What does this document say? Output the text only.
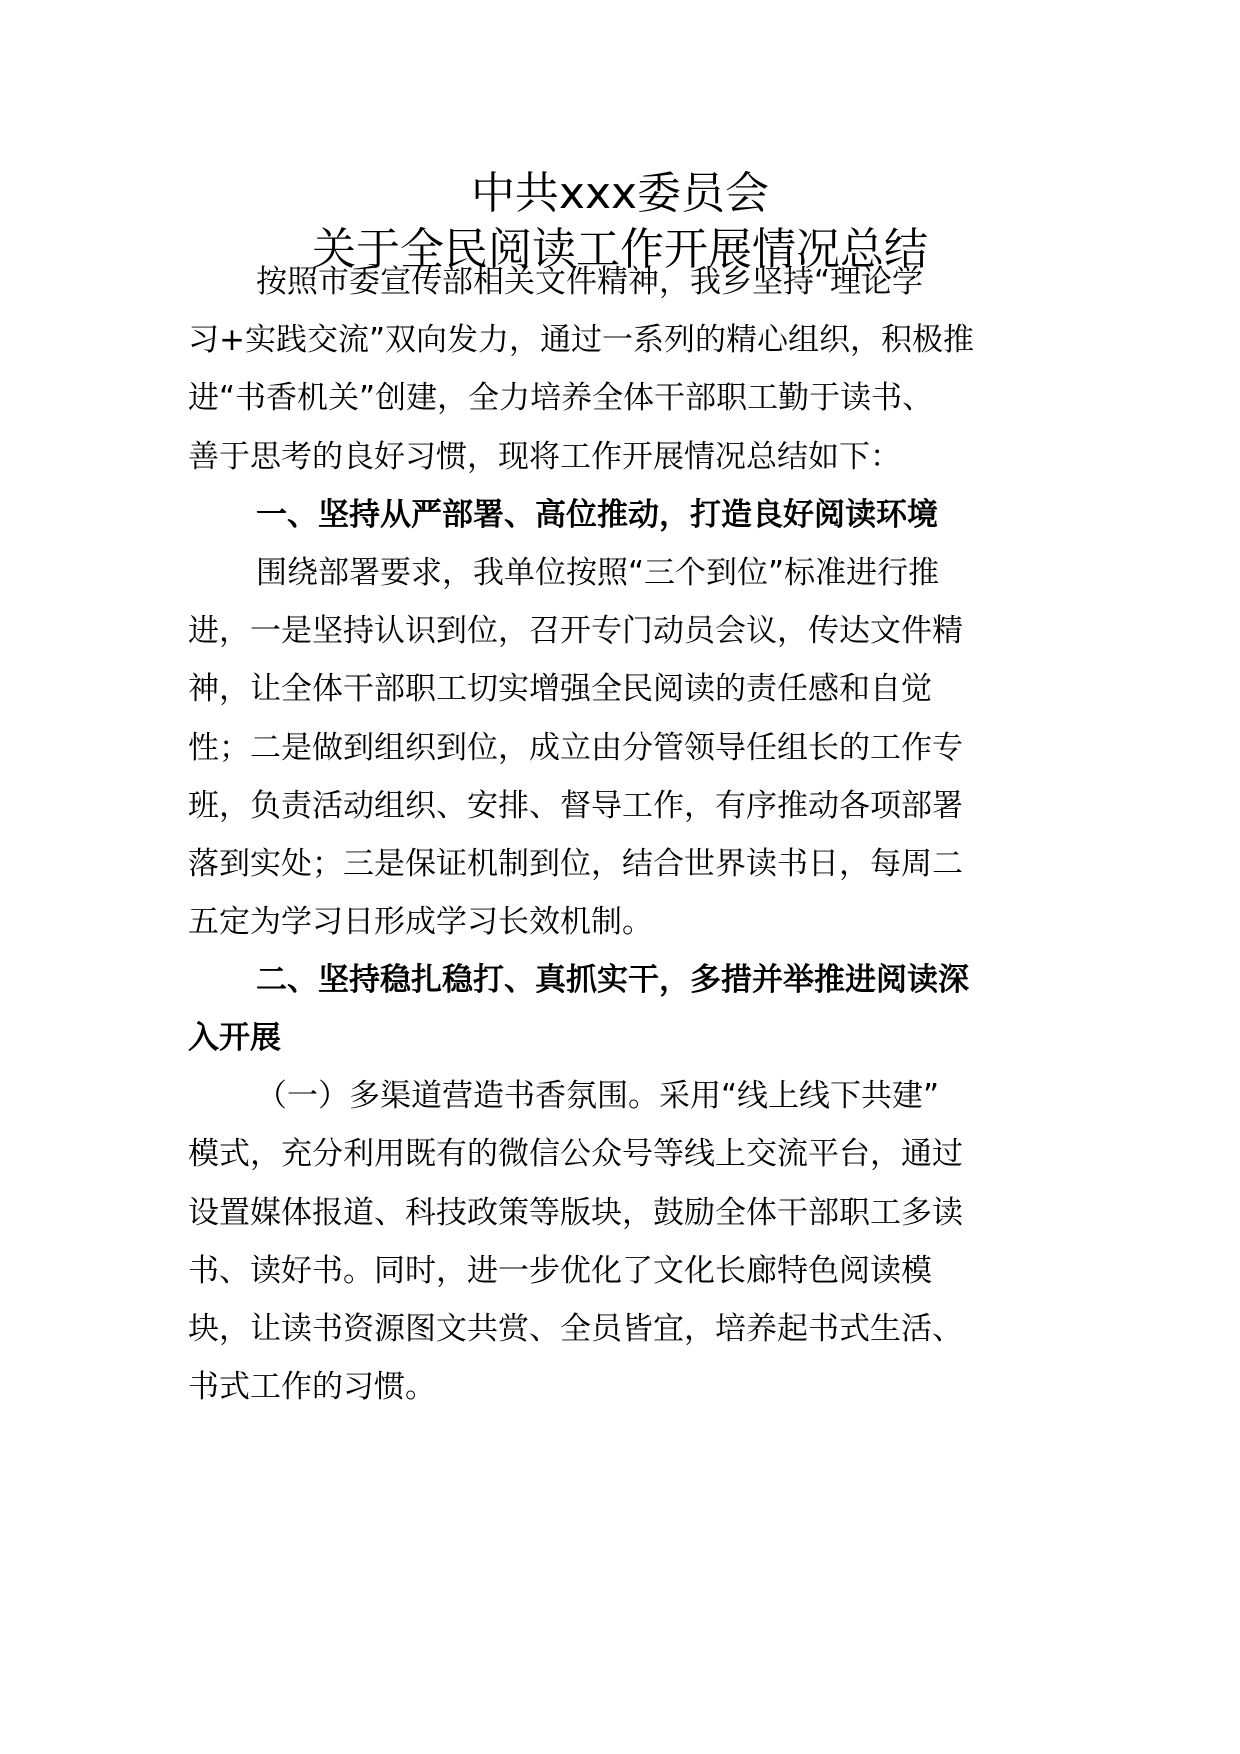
中共xxx委员会
关于全民阅读工作开展情况总结
按照市委宣传部相关文件精神，我乡坚持“理论学
习+实践交流”双向发力，通过一系列的精心组织，积极推
进“书香机关”创建，全力培养全体干部职工勤于读书、
善于思考的良好习惯，现将工作开展情况总结如下：
一、坚持从严部署、高位推动，打造良好阅读环境
围绕部署要求，我单位按照“三个到位”标准进行推
进，一是坚持认识到位，召开专门动员会议，传达文件精
神，让全体干部职工切实增强全民阅读的责任感和自觉
性；二是做到组织到位，成立由分管领导任组长的工作专
班，负责活动组织、安排、督导工作，有序推动各项部署
落到实处；三是保证机制到位，结合世界读书日，每周二
五定为学习日形成学习长效机制。
二、坚持稳扎稳打、真抓实干，多措并举推进阅读深
入开展
（一）多渠道营造书香氛围。采用“线上线下共建”
模式，充分利用既有的微信公众号等线上交流平台，通过
设置媒体报道、科技政策等版块，鼓励全体干部职工多读
书、读好书。同时，进一步优化了文化长廊特色阅读模
块，让读书资源图文共赏、全员皆宜，培养起书式生活、
书式工作的习惯。
